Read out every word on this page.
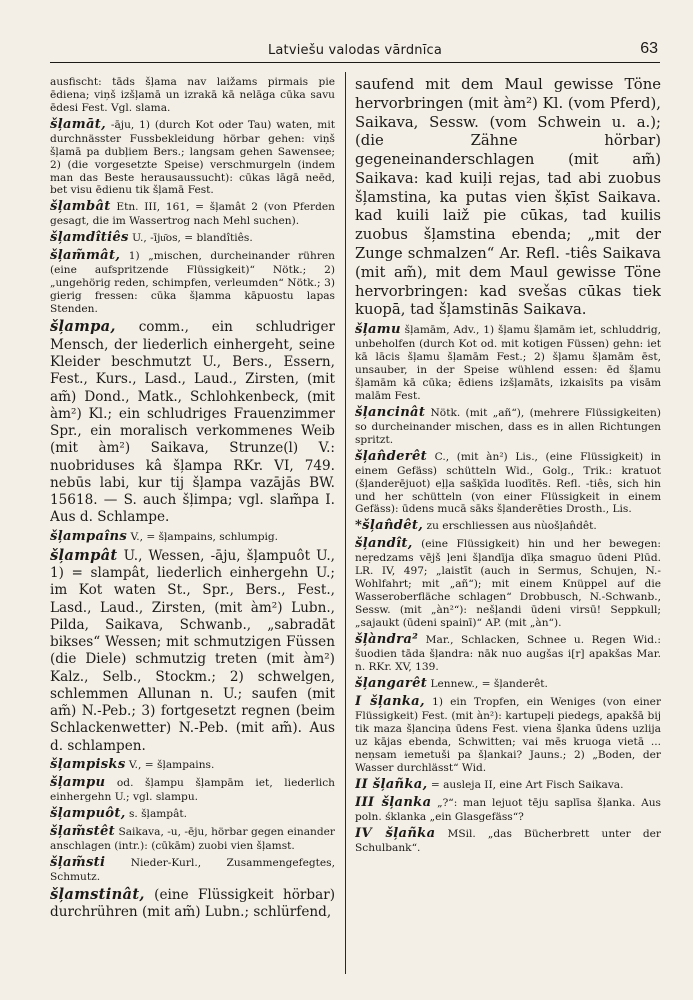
Latviešu valodas vārdnīca	63

ausfischt: tāds šļama nav laižams pirmais pie ēdiena; viņš izšļamā un izrakā kā nelāga cūka savu ēdesi Fest. Vgl. slama.

šļamāt, -āju, 1) (durch Kot oder Tau) waten, mit durchnässter Fussbekleidung hörbar gehen: viņš šļamā pa dubļiem Bers.; langsam gehen Sawensee; 2) (die vorgesetzte Speise) verschmurgeln (indem man das Beste herausaussucht): cūkas lāgā neēd, bet visu ēdienu tik šļamā Fest.

šļambât Etn. III, 161, = šļamât 2 (von Pferden gesagt, die im Wassertrog nach Mehl suchen).

šļamdîtiês U., -īju͂os, = blandîtiês.

šļam̃mât, 1) „mischen, durcheinander rühren (eine aufspritzende Flüssigkeit)“ Nötk.; 2) „ungehörig reden, schimpfen, verleumden“ Nötk.; 3) gierig fressen: cūka šļamma kāpuostu lapas Stenden.

šļampa, comm., ein schludriger Mensch, der liederlich einhergeht, seine Kleider beschmutzt U., Bers., Essern, Fest., Kurs., Lasd., Laud., Zirsten, (mit am̃) Dond., Matk., Schlohkenbeck, (mit àm²) Kl.; ein schludriges Frauenzimmer Spr., ein moralisch verkommenes Weib (mit àm²) Saikava, Strunze(l) V.: nuobriduses kâ šļampa RKr. VI, 749. nebūs labi, kur tij šļampa vazājās BW. 15618. — S. auch šļimpa; vgl. slam̃pa I. Aus d. Schlampe.

šļampaîns V., = šļampains, schlumpig.

šļampât U., Wessen, -āju, šļampuôt U., 1) = slampât, liederlich einhergehn U.; im Kot waten St., Spr., Bers., Fest., Lasd., Laud., Zirsten, (mit àm²) Lubn., Pilda, Saikava, Schwanb., „sabradāt bikses“ Wessen; mit schmutzigen Füssen (die Diele) schmutzig treten (mit àm²) Kalz., Selb., Stockm.; 2) schwelgen, schlemmen Allunan n. U.; saufen (mit am̃) N.-Peb.; 3) fortgesetzt regnen (beim Schlackenwetter) N.-Peb. (mit am̃). Aus d. schlampen.

šļampisks V., = šļampains.

šļampu od. šļampu šļampām iet, liederlich einhergehn U.; vgl. slampu.

šļampuôt, s. šļampât.

šļam̃stêt Saikava, -u, -ēju, hörbar gegen einander anschlagen (intr.): (cūkām) zuobi vien šļamst.

šļam̃sti Nieder-Kurl., Zusammengefegtes, Schmutz.

šļamstinât, (eine Flüssigkeit hörbar) durchrühren (mit am̃) Lubn.; schlürfend,

saufend mit dem Maul gewisse Töne hervorbringen (mit àm²) Kl. (vom Pferd), Saikava, Sessw. (vom Schwein u. a.); (die Zähne hörbar) gegeneinanderschlagen (mit am̃) Saikava: kad kuiļi rejas, tad abi zuobus šļamstina, ka putas vien šķīst Saikava. kad kuili laiž pie cūkas, tad kuilis zuobus šļamstina ebenda; „mit der Zunge schmalzen“ Ar. Refl. -tiês Saikava (mit am̃), mit dem Maul gewisse Töne hervorbringen: kad svešas cūkas tiek kuopā, tad šļamstinās Saikava.

šļamu šļamām, Adv., 1) šļamu šļamām iet, schluddrig, unbeholfen (durch Kot od. mit kotigen Füssen) gehn: iet kā lācis šļamu šļamām Fest.; 2) šļamu šļamām ēst, unsauber, in der Speise wühlend essen: ēd šļamu šļamām kā cūka; ēdiens izšļamāts, izkaisīts pa visām malām Fest.

šļancinât Nötk. (mit „añ“), (mehrere Flüssigkeiten) so durcheinander mischen, dass es in allen Richtungen spritzt.

šļan̂derêt C., (mit àn²) Lis., (eine Flüssigkeit) in einem Gefäss) schütteln Wid., Golg., Trik.: kratuot (šļanderējuot) eļļa sašķīda luodītēs. Refl. -tiês, sich hin und her schütteln (von einer Flüssigkeit in einem Gefäss): ūdens mucā sāks šļanderēties Drosth., Lis.

*šļan̂dêt, zu erschliessen aus nùošļan̂dêt.

šļandît, (eine Flüssigkeit) hin und her bewegen: neŗedzams vējš ļeni šļandīja dīķa smaguo ūdeni Plūd. LR. IV, 497; „laistīt (auch in Sermus, Schujen, N.-Wohlfahrt; mit „añ“); mit einem Knüppel auf die Wasseroberfläche schlagen“ Drobbusch, N.-Schwanb., Sessw. (mit „àn²“): nešļandi ūdeni virsū! Seppkull; „sajaukt (ūdeni spainī)“ AP. (mit „àn“).

šļàndra² Mar., Schlacken, Schnee u. Regen Wid.: šuodien tāda šļandra: nāk nuo augšas i[r] apakšas Mar. n. RKr. XV, 139.

šļangarêt Lennew., = šļanderêt.

I šļanka, 1) ein Tropfen, ein Weniges (von einer Flüssigkeit) Fest. (mit àn²): kartupeļi piedegs, apakšā bij tik maza šļanciņa ūdens Fest. viena šļanka ūdens uzlija uz kājas ebenda, Schwitten; vai mēs kruoga vietā ... neņsam iemetuši pa šļankai? Jauns.; 2) „Boden, der Wasser durchlässt“ Wid.

II šļañka, = ausleja II, eine Art Fisch Saikava.

III šļanka „?“: man lejuot tēju saplīsa šļanka. Aus poln. śklanka „ein Glasgefäss“?

IV šļañka MSil. „das Bücherbrett unter der Schulbank“.
